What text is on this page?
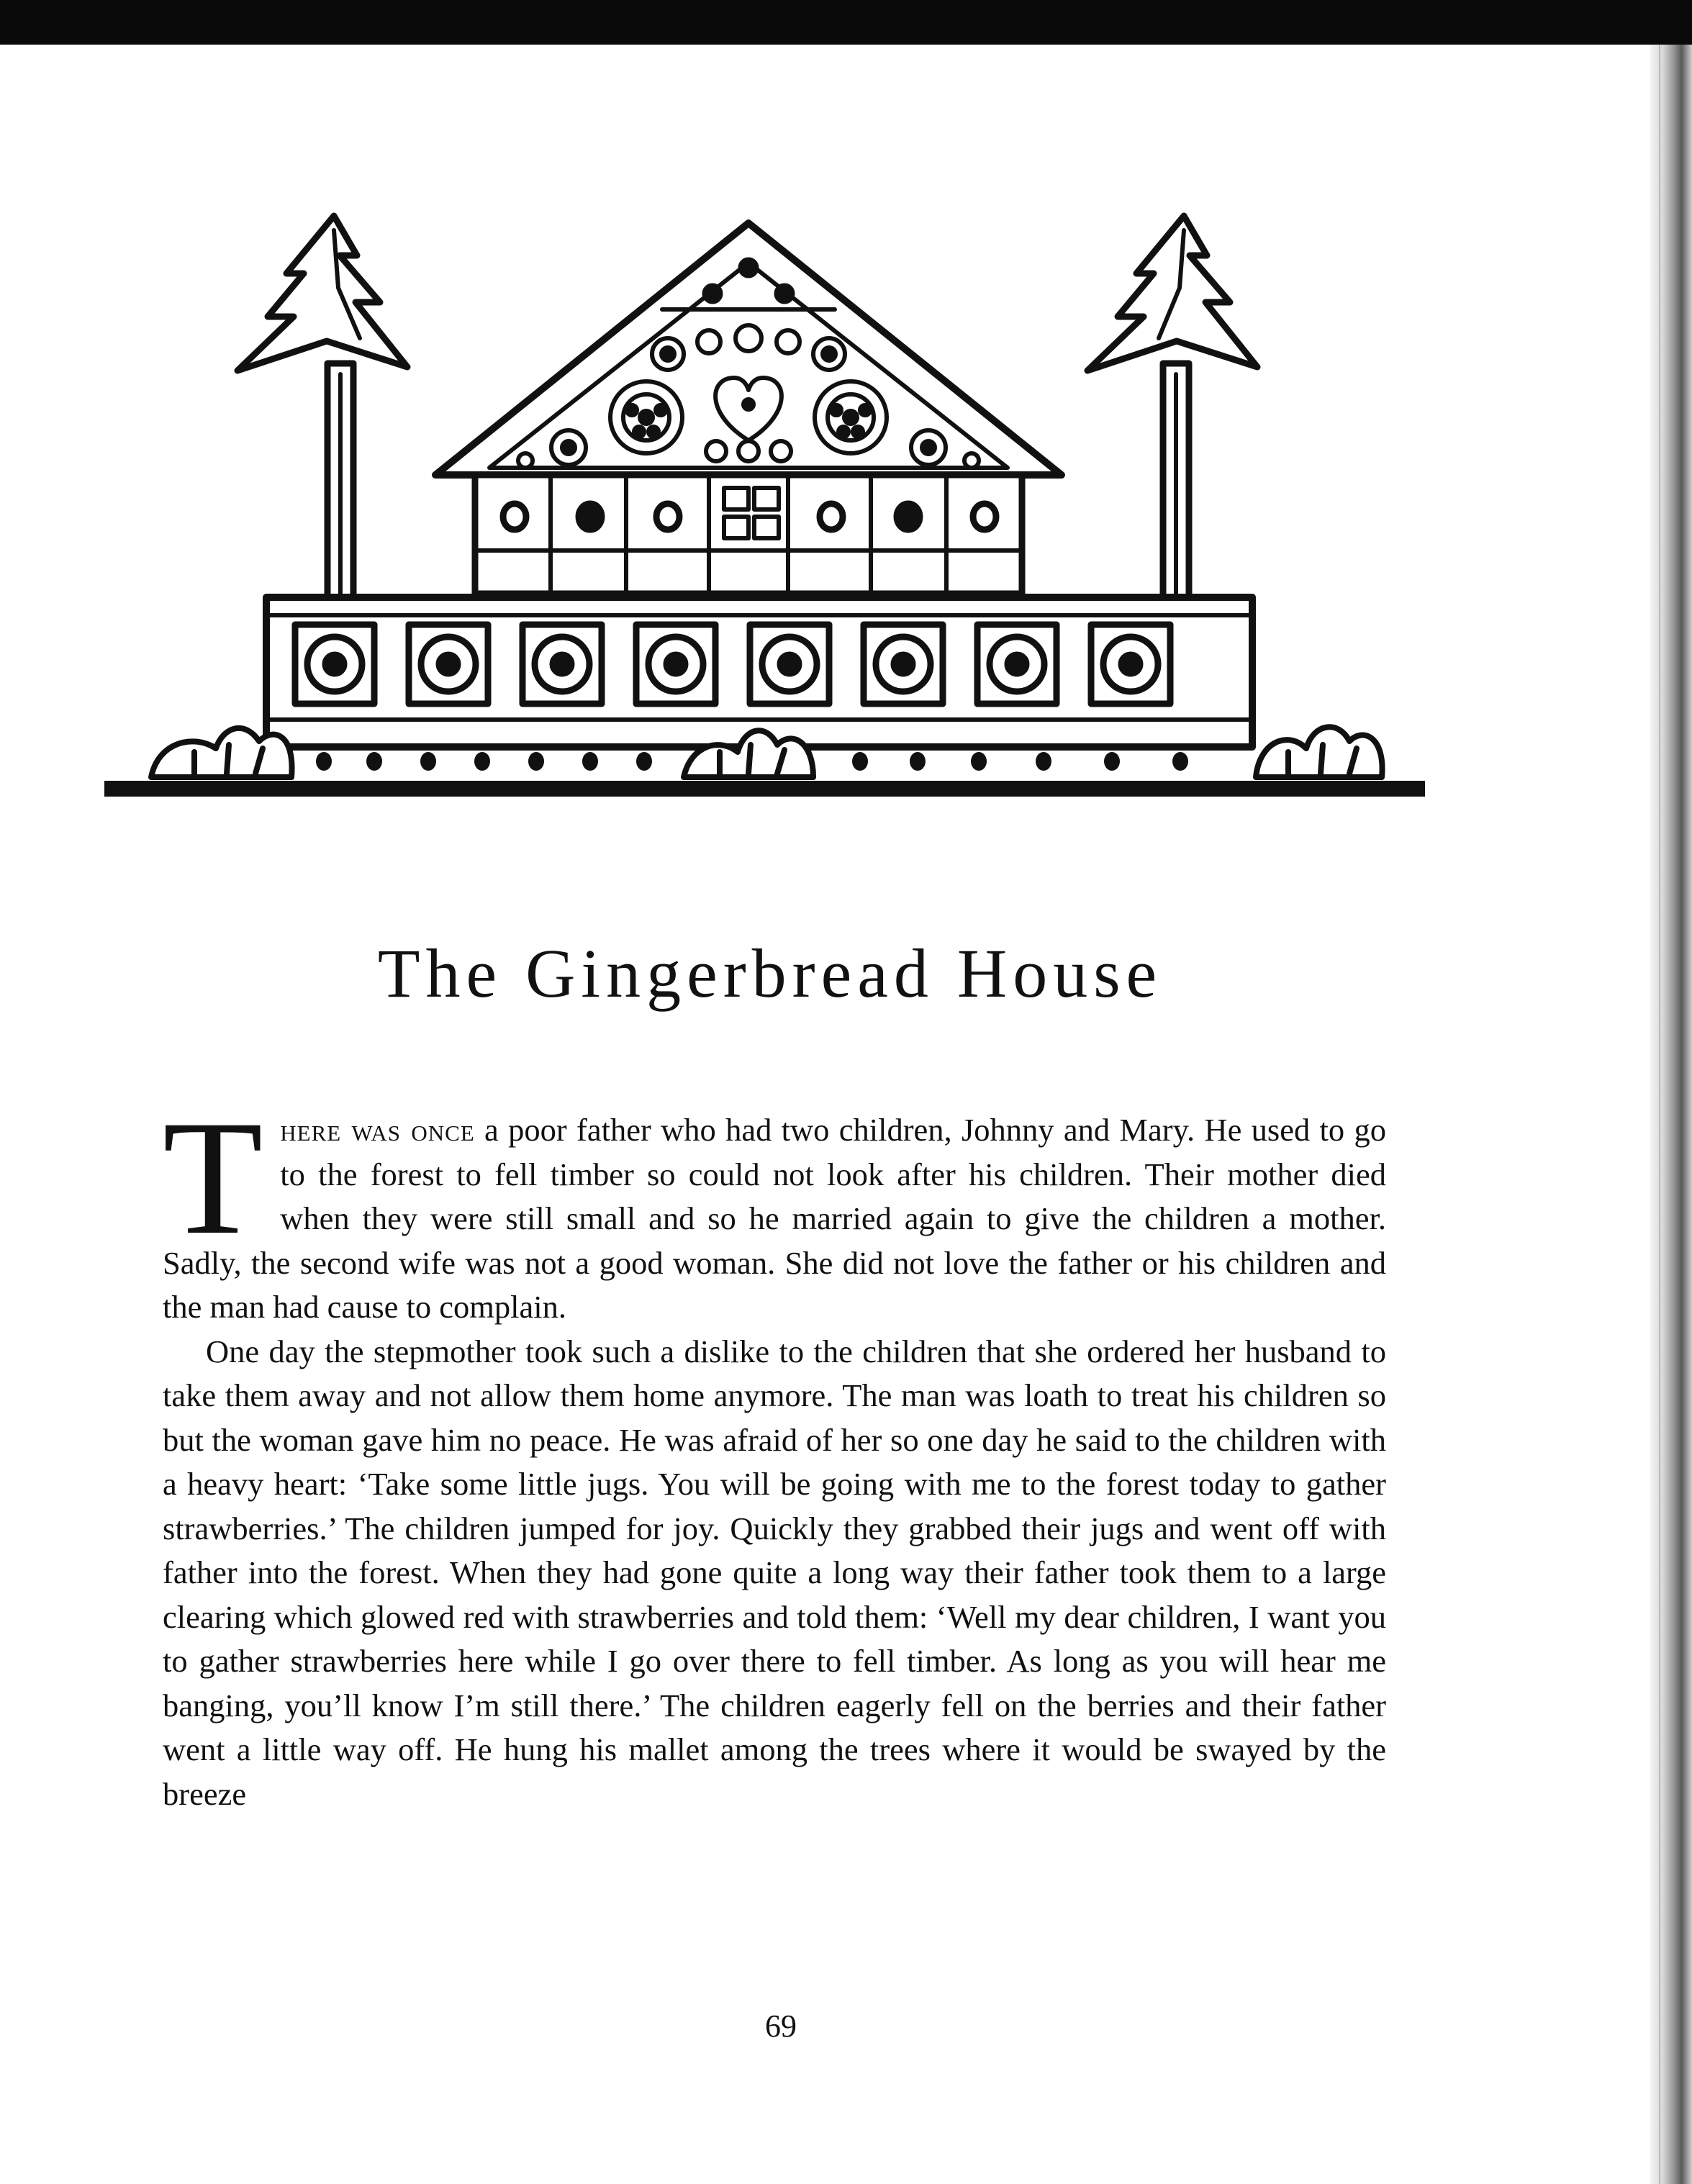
The Gingerbread House

There was once a poor father who had two children, Johnny and Mary. He used to go to the forest to fell timber so could not look after his children. Their mother died when they were still small and so he married again to give the children a mother. Sadly, the second wife was not a good woman. She did not love the father or his children and the man had cause to complain.

One day the stepmother took such a dislike to the children that she ordered her husband to take them away and not allow them home anymore. The man was loath to treat his children so but the woman gave him no peace. He was afraid of her so one day he said to the children with a heavy heart: ‘Take some little jugs. You will be going with me to the forest today to gather strawberries.’ The children jumped for joy. Quickly they grabbed their jugs and went off with father into the forest. When they had gone quite a long way their father took them to a large clearing which glowed red with strawberries and told them: ‘Well my dear children, I want you to gather strawberries here while I go over there to fell timber. As long as you will hear me banging, you’ll know I’m still there.’ The children eagerly fell on the berries and their father went a little way off. He hung his mallet among the trees where it would be swayed by the breeze

69
